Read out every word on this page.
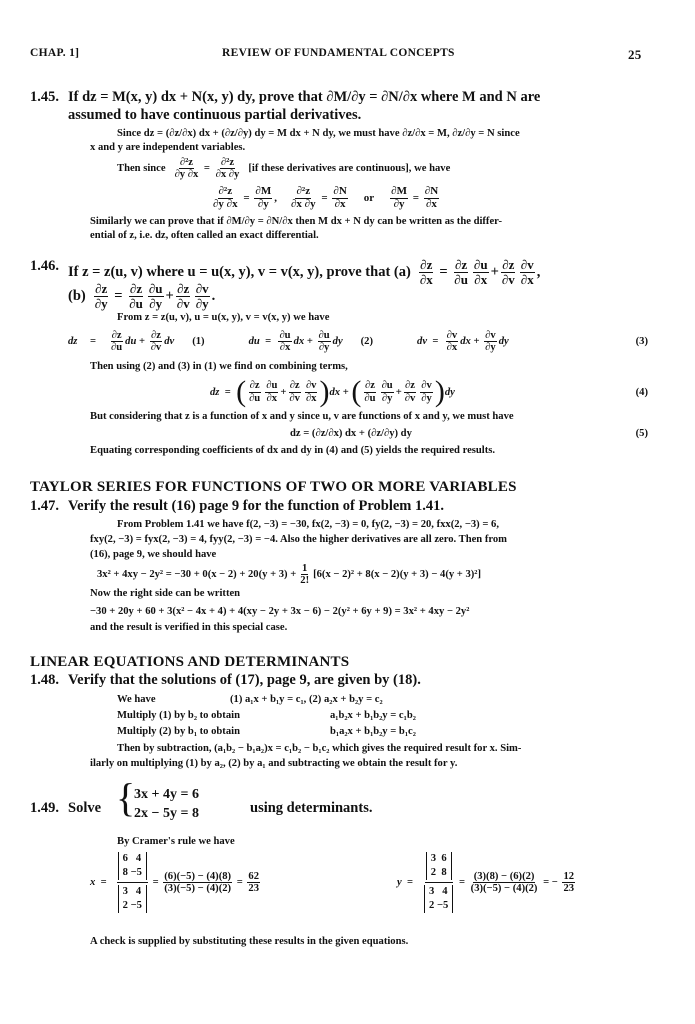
CHAP. 1]	REVIEW OF FUNDAMENTAL CONCEPTS	25
1.45. If dz = M(x, y) dx + N(x, y) dy, prove that ∂M/∂y = ∂N/∂x where M and N are
assumed to have continuous partial derivatives.
Since dz = (∂z/∂x) dx + (∂z/∂y) dy = M dx + N dy, we must have ∂z/∂x = M, ∂z/∂y = N since
x and y are independent variables.
Then since $\frac{\text{∂²z}}{\partial y \partial x} = \frac{\text{∂²z}}{\partial x \partial y} [if$ these derivatives are continuous], we have
$\frac{\text{∂²z}}{\partial y \partial x} = \frac{\partial M}{\partial y}$ , $\frac{\text{∂²z}}{\partial x \partial y} = \frac{\partial N}{\partial x}$ or $\frac{\partial M}{\partial y} = \frac{\partial N}{\partial x}$
Similarly we can prove that if ∂M/∂y = ∂N/∂x then M dx + N dy can be written as the differ-
ential of z, i.e. dz, often called an exact differential.
1.46. If z = z(u, v) where u = u(x, y), v = v(x, y), prove that $(a) \frac{\partial z}{\partial x} = \frac{\partial z}{\partial u} \frac{\partial u}{\partial x} + \frac{\partial z}{\partial v} \frac{\partial v}{\partial x}$ ,
$(b) \frac{\partial z}{\partial y} = \frac{\partial z}{\partial u} \frac{\partial u}{\partial y} + \frac{\partial z}{\partial v} \frac{\partial v}{\partial y}$ .
From z = z(u, v), u = u(x, y), v = v(x, y) we have
dz	=	$\frac{\partial z}{\partial u}$ du + $\frac{\partial z}{\partial v}$ dv (1)	du  = $\frac{\partial u}{\partial x}$ dx + $\frac{\partial u}{\partial y}$ dy (2)	dv  = $\frac{\partial v}{\partial x}$ dx + $\frac{\partial v}{\partial y}$ dy	(3)
Then using (2) and (3) in (1) we find on combining terms,
dz  = ( $\frac{\partial z}{\partial u} \frac{\partial u}{\partial x} + \frac{\partial z}{\partial v} \frac{\partial v}{\partial x}$ ) dx + ( $\frac{\partial z}{\partial u} \frac{\partial u}{\partial y} + \frac{\partial z}{\partial v} \frac{\partial v}{\partial y}$ ) dy	(4)
But considering that z is a function of x and y since u, v are functions of x and y, we must have
dz = (∂z/∂x) dx + (∂z/∂y) dy	(5)
Equating corresponding coefficients of dx and dy in (4) and (5) yields the required results.
TAYLOR SERIES FOR FUNCTIONS OF TWO OR MORE VARIABLES
1.47. Verify the result (16) page 9 for the function of Problem 1.41.
From Problem 1.41 we have f(2, −3) = −30, fx(2, −3) = 0, fy(2, −3) = 20, fxx(2, −3) = 6,
fxy(2, −3) = fyx(2, −3) = 4, fyy(2, −3) = −4. Also the higher derivatives are all zero. Then from
(16), page 9, we should have
$3x^2 + 4xy - 2y^2 = -30 + 0(x - 2) + 20(y + 3) + \frac{1}{2!} [6(x - 2)^2 + 8(x - 2)(y + 3) - 4(y + 3)^2]$
Now the right side can be written
−30 + 20y + 60 + 3(x² − 4x + 4) + 4(xy − 2y + 3x − 6) − 2(y² + 6y + 9) = 3x² + 4xy − 2y²
and the result is verified in this special case.
LINEAR EQUATIONS AND DETERMINANTS
1.48. Verify that the solutions of (17), page 9, are given by (18).
We have	(1) a₁x + b₁y = c₁, (2) a₂x + b₂y = c₂
Multiply (1) by b₂ to obtain	a₁b₂x + b₁b₂y = c₁b₂
Multiply (2) by b₁ to obtain	b₁a₂x + b₁b₂y = b₁c₂
Then by subtraction, (a₁b₂ − b₁a₂)x = c₁b₂ − b₁c₂ which gives the required result for x. Sim-
ilarly on multiplying (1) by a₂, (2) by a₁ and subtracting we obtain the result for y.
1.49. Solve {
3x + 4y = 6
2x − 5y = 8	using determinants.
By Cramer's rule we have
x  =
6   4
8 −5
3   4
2 −5
= $\frac{(6)(-5) - (4)(8)}{(3)(-5) - (4)(2)} = \frac{62}{23}$	y  =
3  6
2  8
3   4
2 −5
= $\frac{(3)(8) - (6)(2)}{(3)(-5) - (4)(2)}$ = − $\frac{12}{23}$
A check is supplied by substituting these results in the given equations.
